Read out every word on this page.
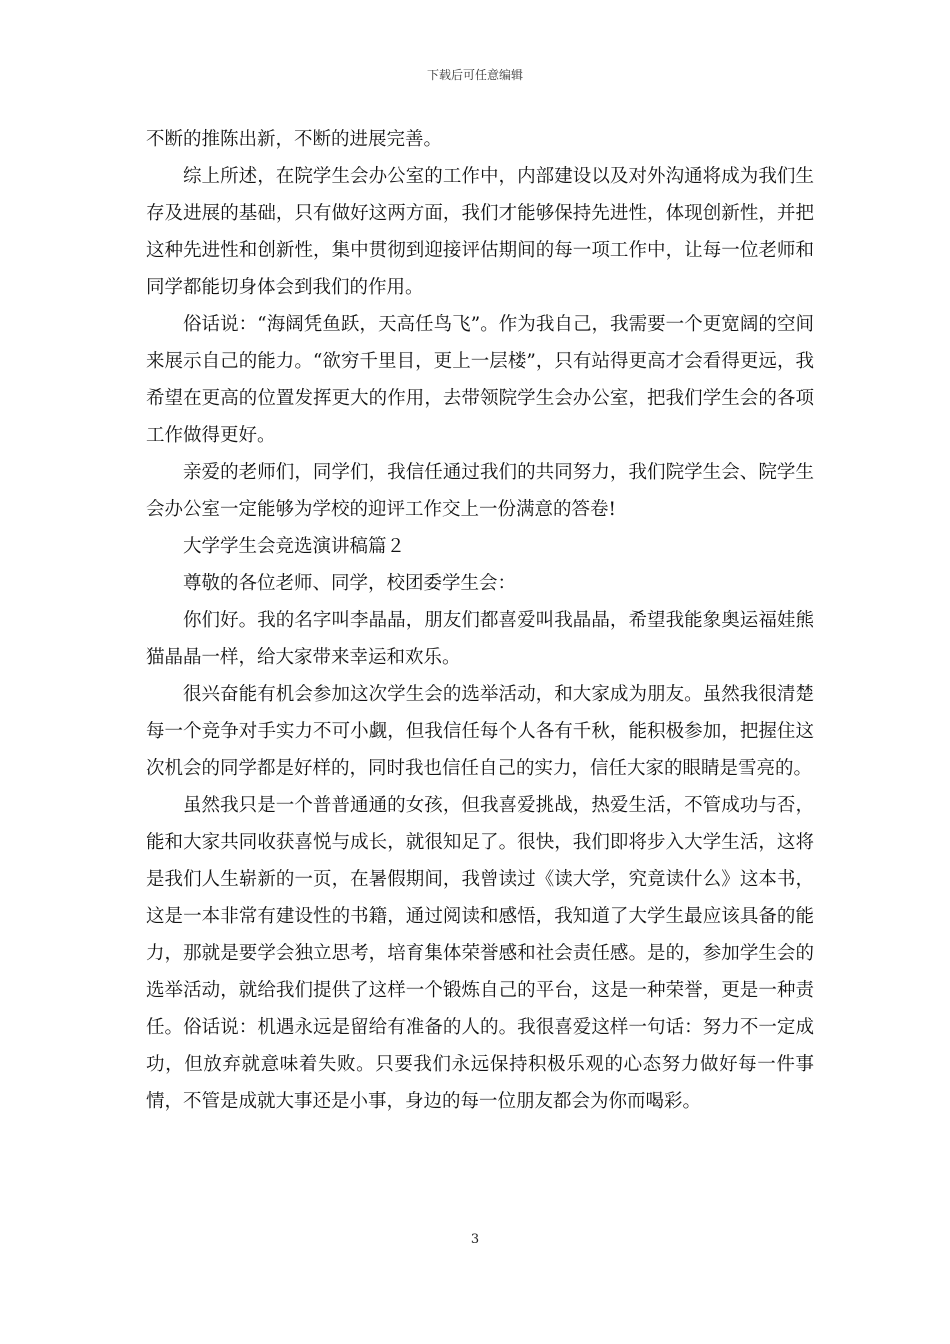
下载后可任意编辑

不断的推陈出新，不断的进展完善。

综上所述，在院学生会办公室的工作中，内部建设以及对外沟通将成为我们生存及进展的基础，只有做好这两方面，我们才能够保持先进性，体现创新性，并把这种先进性和创新性，集中贯彻到迎接评估期间的每一项工作中，让每一位老师和同学都能切身体会到我们的作用。

俗话说：“海阔凭鱼跃，天高任鸟飞”。作为我自己，我需要一个更宽阔的空间来展示自己的能力。“欲穷千里目，更上一层楼”，只有站得更高才会看得更远，我希望在更高的位置发挥更大的作用，去带领院学生会办公室，把我们学生会的各项工作做得更好。

亲爱的老师们，同学们，我信任通过我们的共同努力，我们院学生会、院学生会办公室一定能够为学校的迎评工作交上一份满意的答卷!

大学学生会竞选演讲稿篇２

尊敬的各位老师、同学，校团委学生会：

你们好。我的名字叫李晶晶，朋友们都喜爱叫我晶晶，希望我能象奥运福娃熊猫晶晶一样，给大家带来幸运和欢乐。

很兴奋能有机会参加这次学生会的选举活动，和大家成为朋友。虽然我很清楚每一个竞争对手实力不可小觑，但我信任每个人各有千秋，能积极参加，把握住这次机会的同学都是好样的，同时我也信任自己的实力，信任大家的眼睛是雪亮的。

虽然我只是一个普普通通的女孩，但我喜爱挑战，热爱生活，不管成功与否，能和大家共同收获喜悦与成长，就很知足了。很快，我们即将步入大学生活，这将是我们人生崭新的一页，在暑假期间，我曾读过《读大学，究竟读什么》这本书，这是一本非常有建设性的书籍，通过阅读和感悟，我知道了大学生最应该具备的能力，那就是要学会独立思考，培育集体荣誉感和社会责任感。是的，参加学生会的选举活动，就给我们提供了这样一个锻炼自己的平台，这是一种荣誉，更是一种责任。俗话说：机遇永远是留给有准备的人的。我很喜爱这样一句话：努力不一定成功，但放弃就意味着失败。只要我们永远保持积极乐观的心态努力做好每一件事情，不管是成就大事还是小事，身边的每一位朋友都会为你而喝彩。

3
